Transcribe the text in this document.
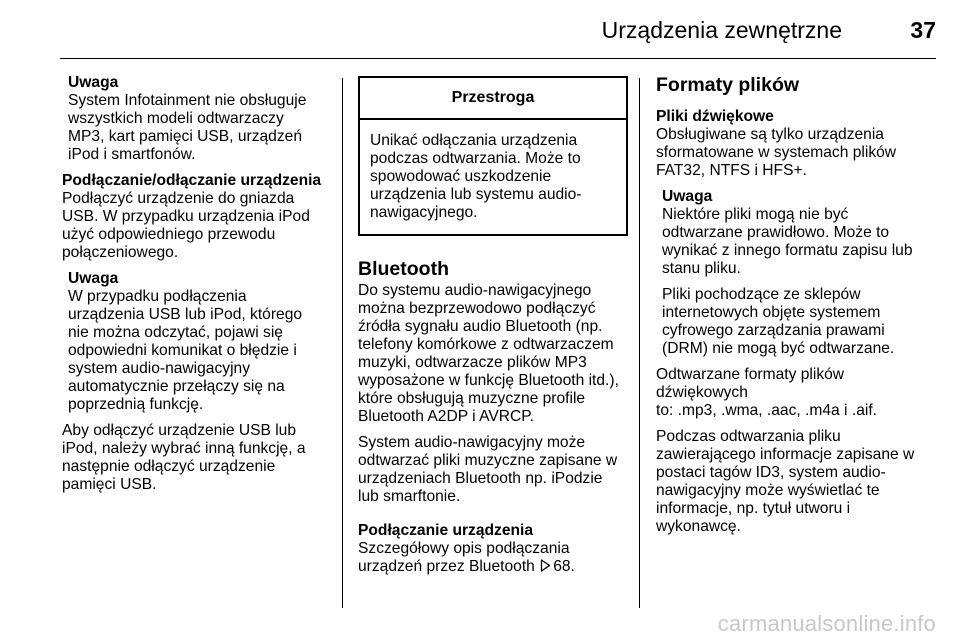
Urządzenia zewnętrzne	37
Uwaga
System Infotainment nie obsługuje
wszystkich modeli odtwarzaczy
MP3, kart pamięci USB, urządzeń
iPod i smartfonów.
Podłączanie/odłączanie urządzenia

Podłączyć urządzenie do gniazda
USB. W przypadku urządzenia iPod
użyć odpowiedniego przewodu
połączeniowego.

Uwaga
W przypadku podłączenia
urządzenia USB lub iPod, którego
nie można odczytać, pojawi się
odpowiedni komunikat o błędzie i
system audio-nawigacyjny
automatycznie przełączy się na
poprzednią funkcję.

Aby odłączyć urządzenie USB lub
iPod, należy wybrać inną funkcję, a
następnie odłączyć urządzenie
pamięci USB.

Przestroga
Unikać odłączania urządzenia
podczas odtwarzania. Może to
spowodować uszkodzenie
urządzenia lub systemu audio-
nawigacyjnego.
Bluetooth

Do systemu audio-nawigacyjnego
można bezprzewodowo podłączyć
źródła sygnału audio Bluetooth (np.
telefony komórkowe z odtwarzaczem
muzyki, odtwarzacze plików MP3
wyposażone w funkcję Bluetooth itd.),
które obsługują muzyczne profile
Bluetooth A2DP i AVRCP.

System audio-nawigacyjny może
odtwarzać pliki muzyczne zapisane w
urządzeniach Bluetooth np. iPodzie
lub smarftonie.

Podłączanie urządzenia

Szczegółowy opis podłączania
urządzeń przez Bluetooth 68.

Formaty plików
Pliki dźwiękowe

Obsługiwane są tylko urządzenia
sformatowane w systemach plików
FAT32, NTFS i HFS+.

Uwaga
Niektóre pliki mogą nie być
odtwarzane prawidłowo. Może to
wynikać z innego formatu zapisu lub
stanu pliku.
Pliki pochodzące ze sklepów
internetowych objęte systemem
cyfrowego zarządzania prawami
(DRM) nie mogą być odtwarzane.

Odtwarzane formaty plików
dźwiękowych
to: .mp3, .wma, .aac, .m4a i .aif.

Podczas odtwarzania pliku
zawierającego informacje zapisane w
postaci tagów ID3, system audio-
nawigacyjny może wyświetlać te
informacje, np. tytuł utworu i
wykonawcę.

carmanualsonline.info
